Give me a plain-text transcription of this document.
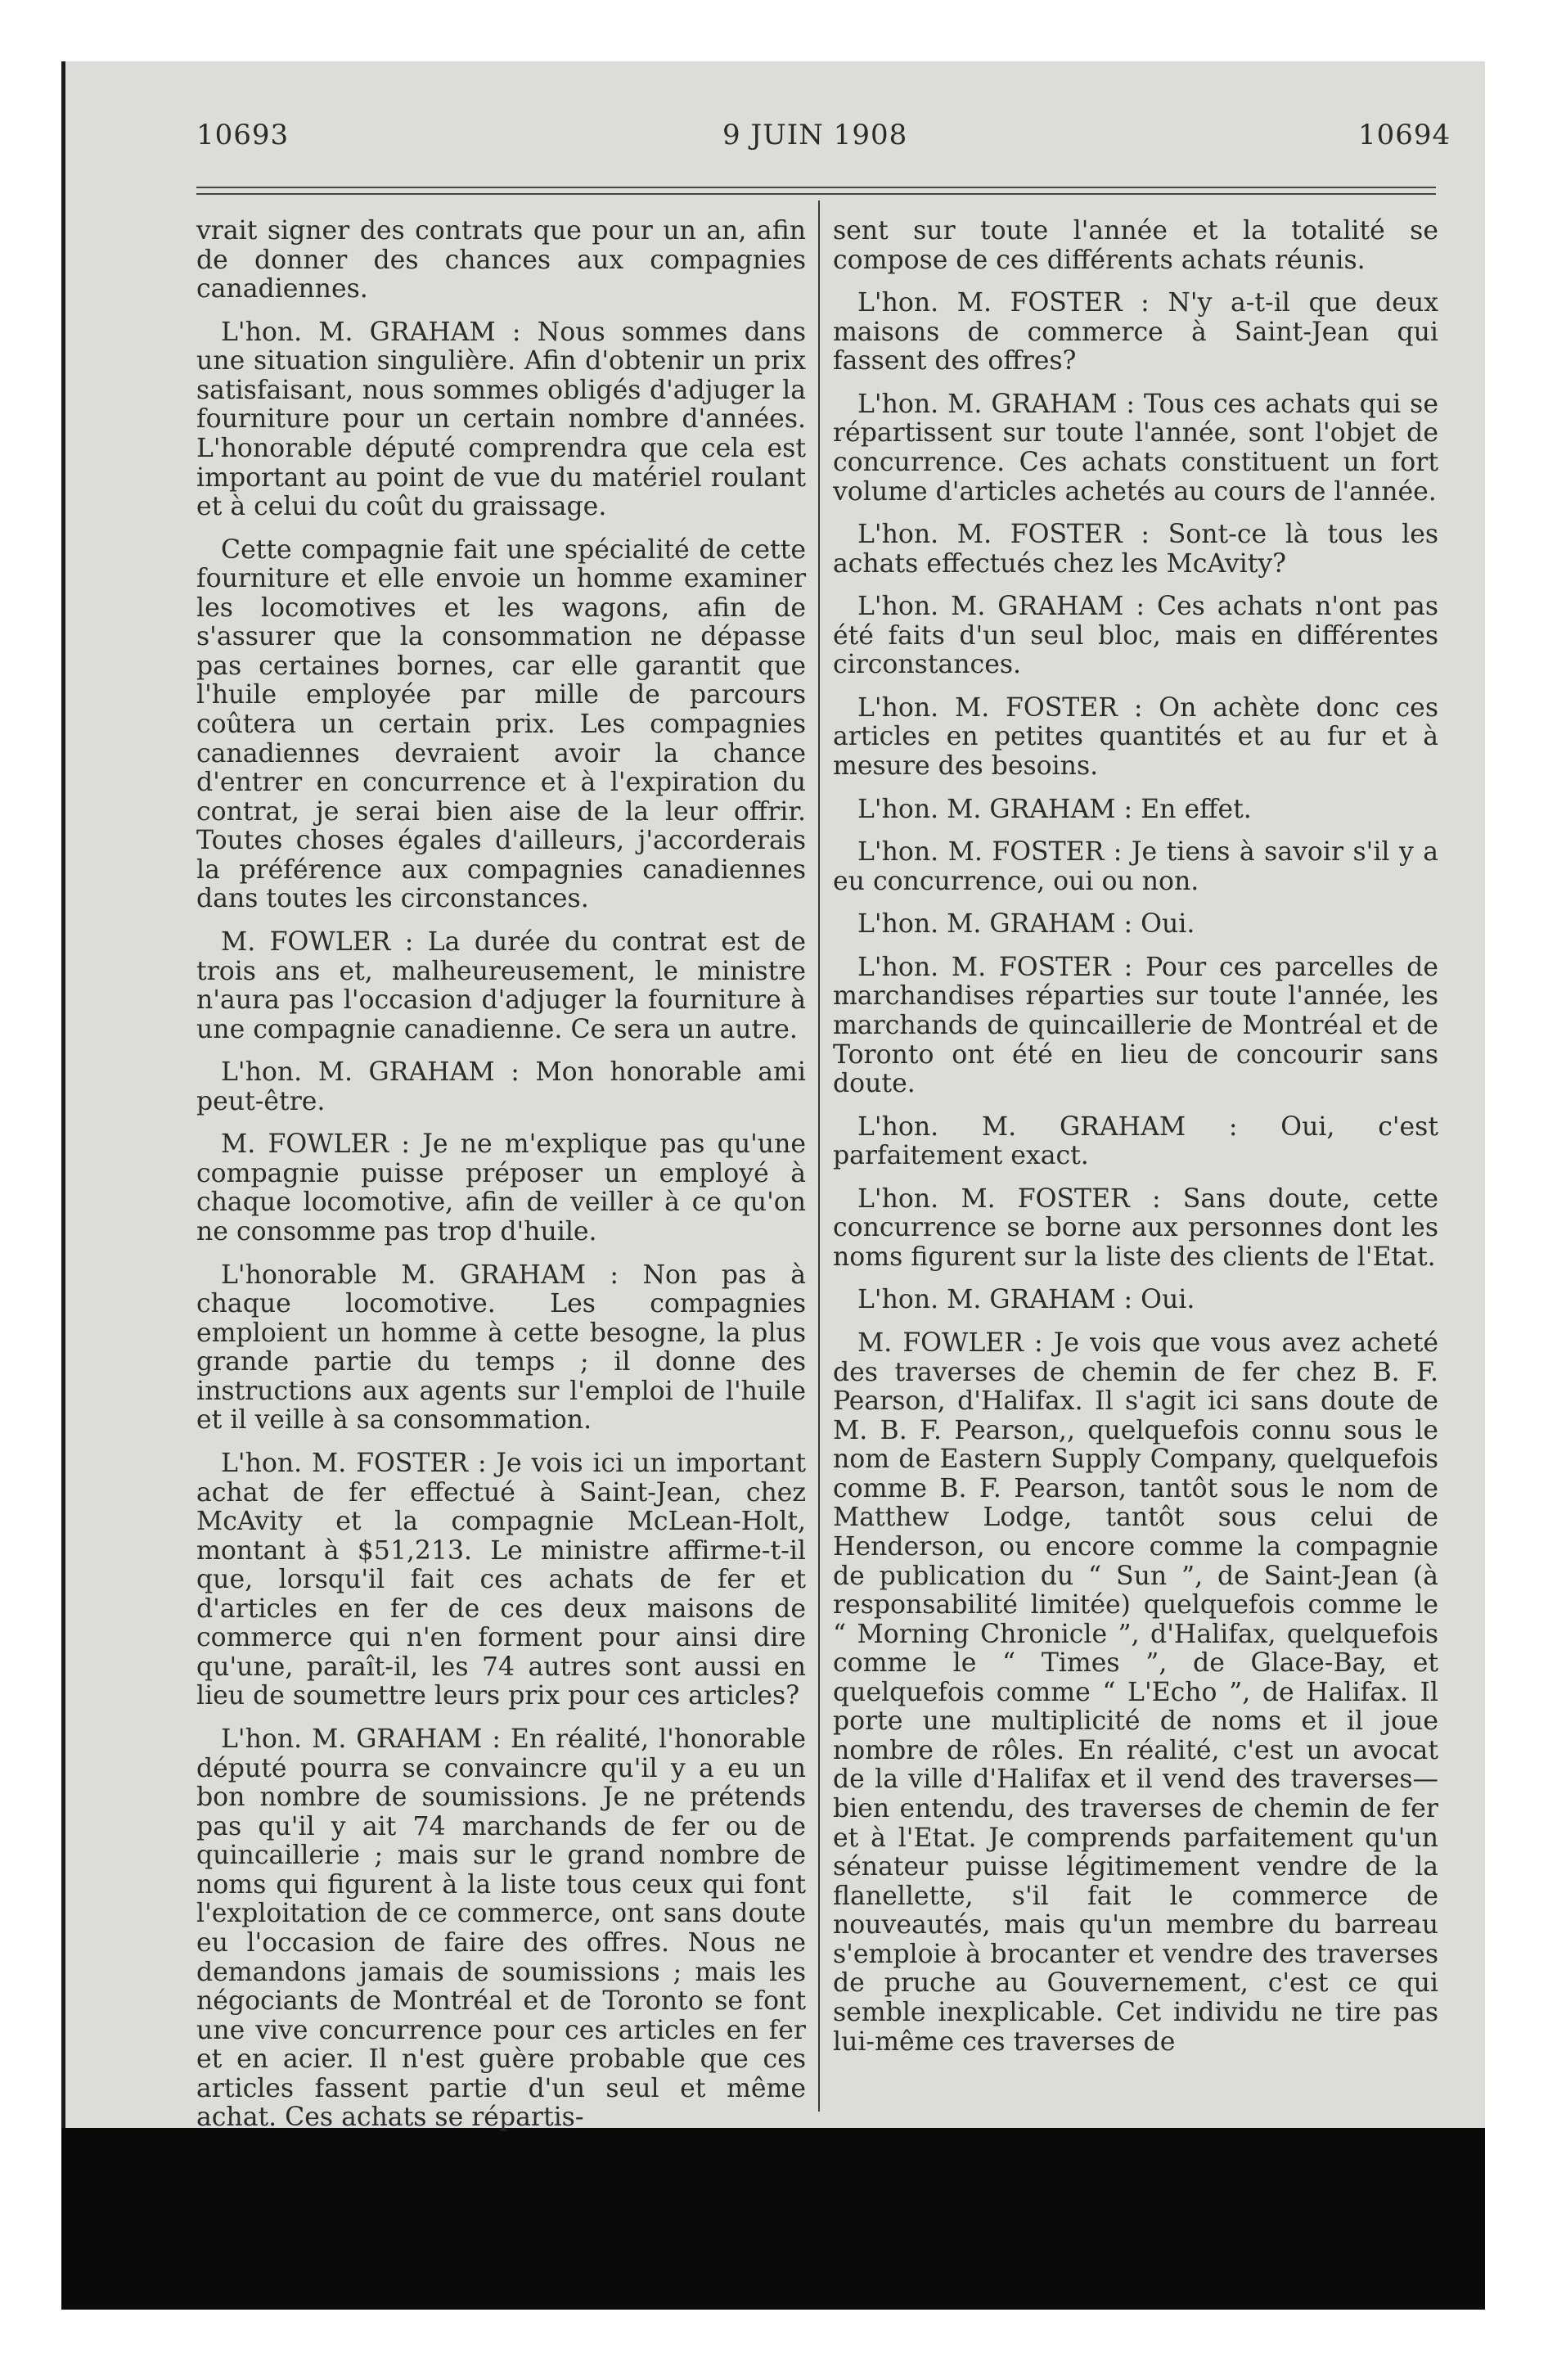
10693	9 JUIN 1908	10694

vrait signer des contrats que pour un an, afin de donner des chances aux compagnies canadiennes.

L'hon. M. GRAHAM : Nous sommes dans une situation singulière. Afin d'obtenir un prix satisfaisant, nous sommes obligés d'adjuger la fourniture pour un certain nombre d'années. L'honorable député comprendra que cela est important au point de vue du matériel roulant et à celui du coût du graissage.

Cette compagnie fait une spécialité de cette fourniture et elle envoie un homme examiner les locomotives et les wagons, afin de s'assurer que la consommation ne dépasse pas certaines bornes, car elle garantit que l'huile employée par mille de parcours coûtera un certain prix. Les compagnies canadiennes devraient avoir la chance d'entrer en concurrence et à l'expiration du contrat, je serai bien aise de la leur offrir. Toutes choses égales d'ailleurs, j'accorderais la préférence aux compagnies canadiennes dans toutes les circonstances.

M. FOWLER : La durée du contrat est de trois ans et, malheureusement, le ministre n'aura pas l'occasion d'adjuger la fourniture à une compagnie canadienne. Ce sera un autre.

L'hon. M. GRAHAM : Mon honorable ami peut-être.

M. FOWLER : Je ne m'explique pas qu'une compagnie puisse préposer un employé à chaque locomotive, afin de veiller à ce qu'on ne consomme pas trop d'huile.

L'honorable M. GRAHAM : Non pas à chaque locomotive. Les compagnies emploient un homme à cette besogne, la plus grande partie du temps ; il donne des instructions aux agents sur l'emploi de l'huile et il veille à sa consommation.

L'hon. M. FOSTER : Je vois ici un important achat de fer effectué à Saint-Jean, chez McAvity et la compagnie McLean-Holt, montant à $51,213. Le ministre affirme-t-il que, lorsqu'il fait ces achats de fer et d'articles en fer de ces deux maisons de commerce qui n'en forment pour ainsi dire qu'une, paraît-il, les 74 autres sont aussi en lieu de soumettre leurs prix pour ces articles?

L'hon. M. GRAHAM : En réalité, l'honorable député pourra se convaincre qu'il y a eu un bon nombre de soumissions. Je ne prétends pas qu'il y ait 74 marchands de fer ou de quincaillerie ; mais sur le grand nombre de noms qui figurent à la liste tous ceux qui font l'exploitation de ce commerce, ont sans doute eu l'occasion de faire des offres. Nous ne demandons jamais de soumissions ; mais les négociants de Montréal et de Toronto se font une vive concurrence pour ces articles en fer et en acier. Il n'est guère probable que ces articles fassent partie d'un seul et même achat. Ces achats se répartis-

sent sur toute l'année et la totalité se compose de ces différents achats réunis.

L'hon. M. FOSTER : N'y a-t-il que deux maisons de commerce à Saint-Jean qui fassent des offres?

L'hon. M. GRAHAM : Tous ces achats qui se répartissent sur toute l'année, sont l'objet de concurrence. Ces achats constituent un fort volume d'articles achetés au cours de l'année.

L'hon. M. FOSTER : Sont-ce là tous les achats effectués chez les McAvity?

L'hon. M. GRAHAM : Ces achats n'ont pas été faits d'un seul bloc, mais en différentes circonstances.

L'hon. M. FOSTER : On achète donc ces articles en petites quantités et au fur et à mesure des besoins.

L'hon. M. GRAHAM : En effet.

L'hon. M. FOSTER : Je tiens à savoir s'il y a eu concurrence, oui ou non.

L'hon. M. GRAHAM : Oui.

L'hon. M. FOSTER : Pour ces parcelles de marchandises réparties sur toute l'année, les marchands de quincaillerie de Montréal et de Toronto ont été en lieu de concourir sans doute.

L'hon. M. GRAHAM : Oui, c'est parfaitement exact.

L'hon. M. FOSTER : Sans doute, cette concurrence se borne aux personnes dont les noms figurent sur la liste des clients de l'Etat.

L'hon. M. GRAHAM : Oui.

M. FOWLER : Je vois que vous avez acheté des traverses de chemin de fer chez B. F. Pearson, d'Halifax. Il s'agit ici sans doute de M. B. F. Pearson,, quelquefois connu sous le nom de Eastern Supply Company, quelquefois comme B. F. Pearson, tantôt sous le nom de Matthew Lodge, tantôt sous celui de Henderson, ou encore comme la compagnie de publication du “ Sun ”, de Saint-Jean (à responsabilité limitée) quelquefois comme le “ Morning Chronicle ”, d'Halifax, quelquefois comme le “ Times ”, de Glace-Bay, et quelquefois comme “ L'Echo ”, de Halifax. Il porte une multiplicité de noms et il joue nombre de rôles. En réalité, c'est un avocat de la ville d'Halifax et il vend des traverses— bien entendu, des traverses de chemin de fer et à l'Etat. Je comprends parfaitement qu'un sénateur puisse légitimement vendre de la flanellette, s'il fait le commerce de nouveautés, mais qu'un membre du barreau s'emploie à brocanter et vendre des traverses de pruche au Gouvernement, c'est ce qui semble inexplicable. Cet individu ne tire pas lui-même ces traverses de
